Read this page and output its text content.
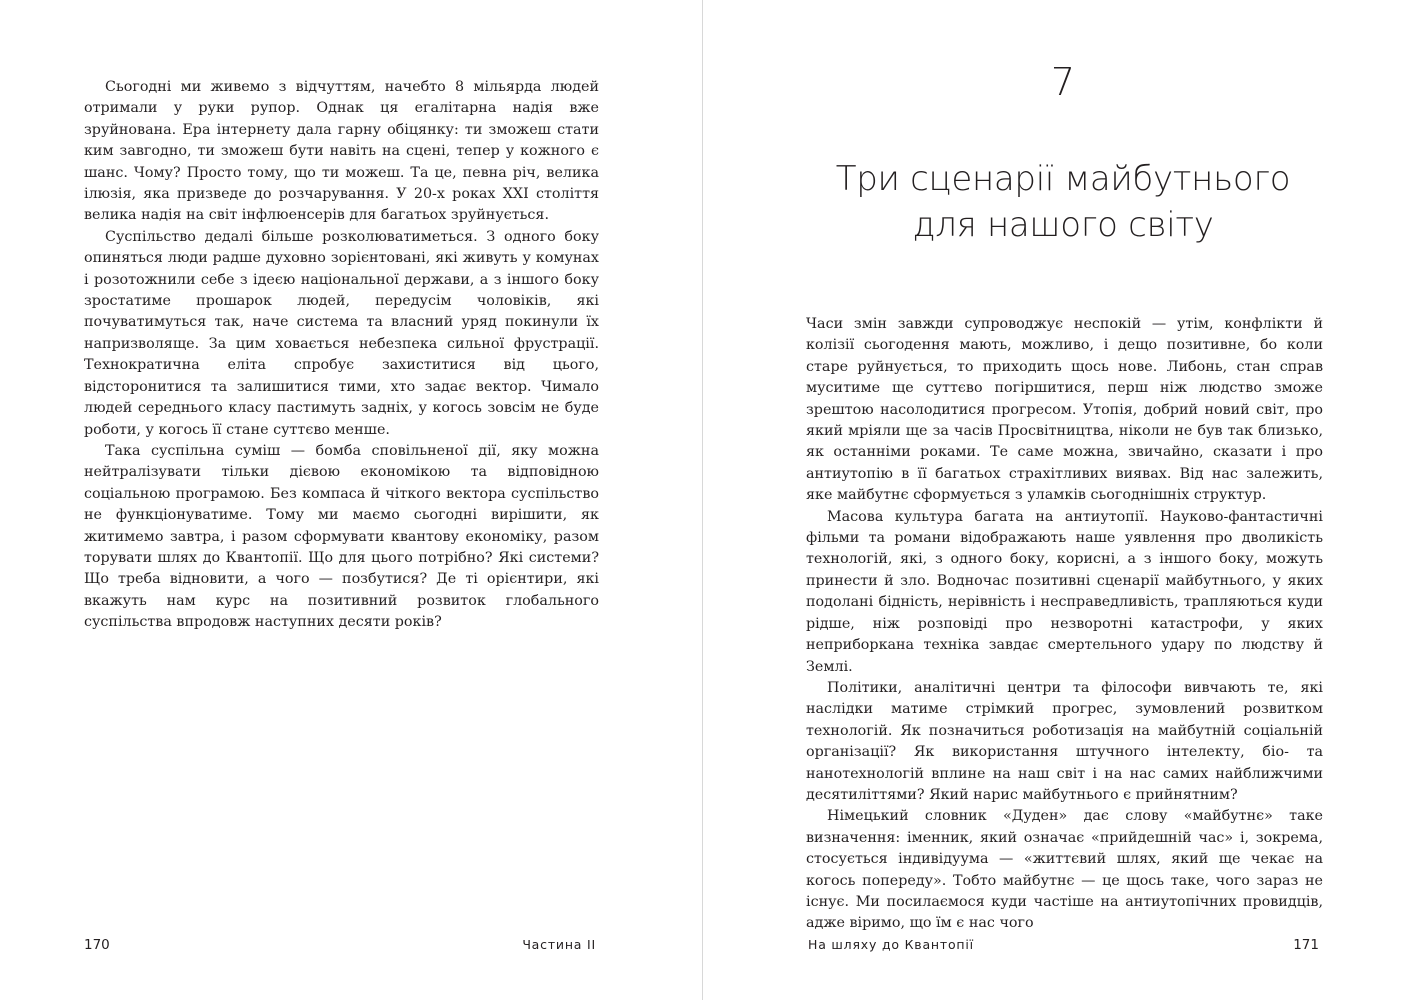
Сьогодні ми живемо з відчуттям, начебто 8 мільярда людей отримали у руки рупор. Однак ця егалітарна надія вже зруйнована. Ера інтернету дала гарну обіцянку: ти зможеш стати ким завгодно, ти зможеш бути навіть на сцені, тепер у кожного є шанс. Чому? Просто тому, що ти можеш. Та це, певна річ, велика ілюзія, яка призведе до розчарування. У 20-х роках XXI століття велика надія на світ інфлюенсерів для багатьох зруйнується.

Суспільство дедалі більше розколюватиметься. З одного боку опиняться люди радше духовно зорієнтовані, які живуть у комунах і розотожнили себе з ідеєю національної держави, а з іншого боку зростатиме прошарок людей, передусім чоловіків, які почуватимуться так, наче система та власний уряд покинули їх напризволяще. За цим ховається небезпека сильної фрустрації. Технократична еліта спробує захиститися від цього, відсторонитися та залишитися тими, хто задає вектор. Чимало людей середнього класу пастимуть задніх, у когось зовсім не буде роботи, у когось її стане суттєво менше.

Така суспільна суміш — бомба сповільненої дії, яку можна нейтралізувати тільки дієвою економікою та відповідною соціальною програмою. Без компаса й чіткого вектора суспільство не функціонуватиме. Тому ми маємо сьогодні вирішити, як житимемо завтра, і разом сформувати квантову економіку, разом торувати шлях до Квантопії. Що для цього потрібно? Які системи? Що треба відновити, а чого — позбутися? Де ті орієнтири, які вкажуть нам курс на позитивний розвиток глобального суспільства впродовж наступних десяти років?

170	Частина II
7
Три сценарії майбутнього
для нашого світу

Часи змін завжди супроводжує неспокій — утім, конфлікти й колізії сьогодення мають, можливо, і дещо позитивне, бо коли старе руйнується, то приходить щось нове. Либонь, стан справ муситиме ще суттєво погіршитися, перш ніж людство зможе зрештою насолодитися прогресом. Утопія, добрий новий світ, про який мріяли ще за часів Просвітництва, ніколи не був так близько, як останніми роками. Те саме можна, звичайно, сказати і про антиутопію в її багатьох страхітливих виявах. Від нас залежить, яке майбутнє сформується з уламків сьогоднішніх структур.

Масова культура багата на антиутопії. Науково-фантастичні фільми та романи відображають наше уявлення про дволикість технологій, які, з одного боку, корисні, а з іншого боку, можуть принести й зло. Водночас позитивні сценарії майбутнього, у яких подолані бідність, нерівність і несправедливість, трапляються куди рідше, ніж розповіді про незворотні катастрофи, у яких неприборкана техніка завдає смертельного удару по людству й Землі.

Політики, аналітичні центри та філософи вивчають те, які наслідки матиме стрімкий прогрес, зумовлений розвитком технологій. Як позначиться роботизація на майбутній соціальній організації? Як використання штучного інтелекту, біо- та нанотехнологій вплине на наш світ і на нас самих найближчими десятиліттями? Який нарис майбутнього є прийнятним?

Німецький словник «Дуден» дає слову «майбутнє» таке визначення: іменник, який означає «прийдешній час» і, зокрема, стосується індивідуума — «життєвий шлях, який ще чекає на когось попереду». Тобто майбутнє — це щось таке, чого зараз не існує. Ми посилаємося куди частіше на антиутопічних провидців, адже віримо, що їм є нас чого

На шляху до Квантопії	171
